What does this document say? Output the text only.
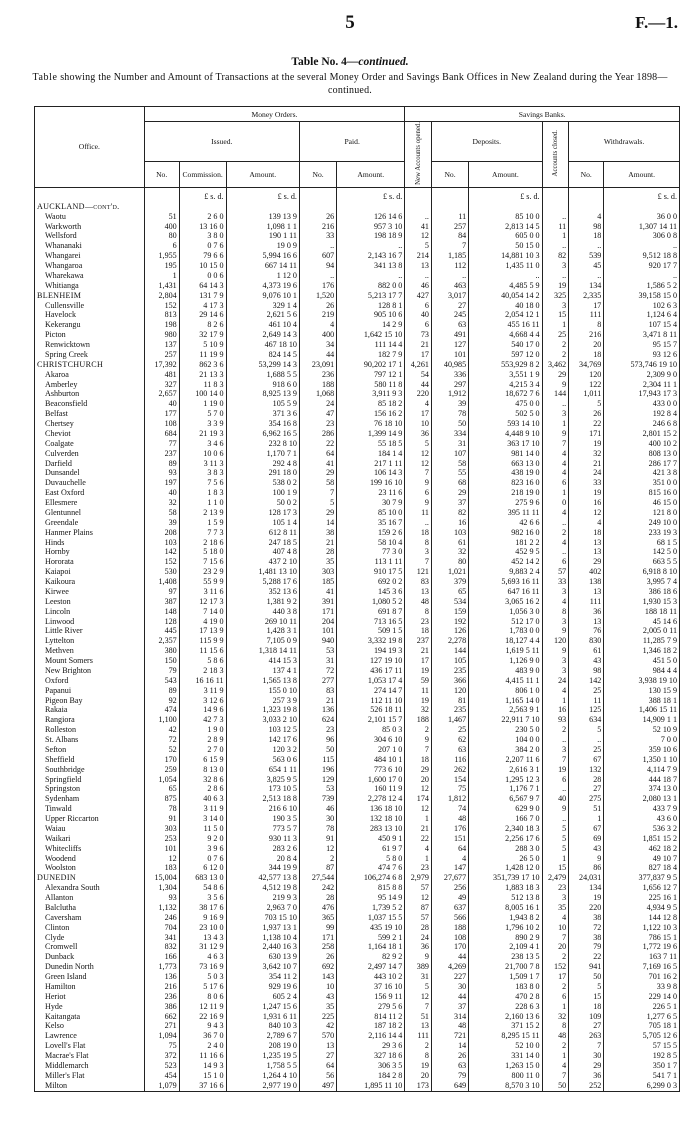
5	F.—1.
Table No. 4—continued.
Table showing the Number and Amount of Transactions at the several Money Order and Savings Bank Offices in New Zealand during the Year 1898—continued.
Office.	Money Orders.					Savings Banks.					
	Issued.			Paid.		New Accounts opened.	Deposits.		Accounts closed.	Withdrawals.	
	No.	Commission.	Amount.	No.	Amount.		No.	Amount.		No.	Amount.
		£ s. d.	£ s. d.		£ s. d.			£ s. d.			£ s. d.
AUCKLAND—cont'd.											
Waotu	51	2 6 0	139 13 9	26	126 14 6	..	11	85 10 0	..	4	36 0 0
Warkworth	400	13 16 0	1,098 1 1	216	957 3 10	41	257	2,813 14 5	11	98	1,307 14 11
Wellsford	80	3 8 0	190 1 11	33	198 18 9	12	84	605 0 0	1	18	306 0 8
Whananaki	6	0 7 6	19 0 9	..	..	5	7	50 15 0	..	..	..
Whangarei	1,955	79 6 6	5,994 16 6	607	2,143 16 7	214	1,185	14,881 10 3	82	539	9,512 18 8
Whangaroa	195	10 15 0	667 14 11	94	341 13 8	13	112	1,435 11 0	3	45	920 17 7
Wharekawa	1	0 0 6	1 12 0	..	..	..	..	..	..	..	..
Whitianga	1,431	64 14 3	4,373 19 6	176	882 0 0	46	463	4,485 5 9	19	134	1,586 5 2
BLENHEIM	2,804	131 7 9	9,076 10 1	1,520	5,213 17 7	427	3,017	40,054 14 2	325	2,335	39,158 15 0
Cullensville	152	4 17 3	329 1 4	26	128 8 1	6	27	40 18 0	3	17	102 6 3
Havelock	813	29 14 6	2,621 5 6	219	905 10 6	40	245	2,054 12 1	15	111	1,124 6 4
Kekerangu	198	8 2 6	461 10 4	4	14 2 9	6	63	455 16 11	1	8	107 15 4
Picton	980	32 17 9	2,649 14 3	400	1,642 15 10	73	491	4,668 4 4	25	216	3,471 8 11
Renwicktown	137	5 10 9	467 18 10	34	111 14 4	21	127	540 17 0	2	20	95 15 7
Spring Creek	257	11 19 9	824 14 5	44	182 7 9	17	101	597 12 0	2	18	93 12 6
CHRISTCHURCH	17,392	862 3 6	53,299 14 3	23,091	90,202 17 1	4,261	40,985	553,929 8 2	3,462	34,769	573,746 19 10
Akaroa	481	21 13 3	1,688 5 5	236	797 12 1	54	336	3,551 1 9	29	120	2,309 9 0
Amberley	327	11 8 3	918 6 0	188	580 11 8	44	297	4,215 3 4	9	122	2,304 11 1
Ashburton	2,657	100 14 0	8,925 13 9	1,068	3,911 9 3	220	1,912	18,672 7 6	144	1,011	17,943 17 3
Beaconsfield	40	1 19 0	105 5 9	24	85 18 2	4	39	475 0 0	..	5	433 0 0
Belfast	177	5 7 0	371 3 6	47	156 16 2	17	78	502 5 0	3	26	192 8 4
Chertsey	108	3 3 9	354 16 8	23	76 18 10	10	50	593 14 10	1	22	246 6 8
Cheviot	684	21 19 3	6,962 16 5	286	1,399 14 9	36	334	4,448 9 10	9	171	2,801 15 2
Coalgate	77	3 4 6	232 8 10	22	55 18 5	5	31	363 17 10	7	19	400 10 2
Culverden	237	10 0 6	1,170 7 1	64	184 1 4	12	107	981 14 0	4	32	808 13 0
Darfield	89	3 11 3	292 4 8	41	217 1 11	12	58	663 13 0	4	21	286 17 7
Dunsandel	93	3 8 3	291 18 0	29	106 14 3	7	55	438 19 0	4	24	421 3 8
Duvauchelle	197	7 5 6	538 0 2	58	199 16 10	9	68	823 16 0	6	33	351 0 0
East Oxford	40	1 8 3	100 1 9	7	23 11 6	6	29	218 19 0	1	19	815 16 0
Ellesmere	32	1 1 0	50 0 2	5	30 7 9	9	37	275 9 6	0	16	46 15 0
Glentunnel	58	2 13 9	128 17 3	29	85 10 0	11	82	395 11 11	4	12	121 8 0
Greendale	39	1 5 9	105 1 4	14	35 16 7	..	16	42 6 6	..	4	249 10 0
Hanmer Plains	208	7 7 3	612 8 11	38	159 2 6	18	103	982 16 0	2	18	233 19 3
Hinds	103	2 18 6	247 18 5	21	58 10 4	8	61	181 2 2	4	13	68 1 5
Hornby	142	5 18 0	407 4 8	28	77 3 0	3	32	452 9 5	..	13	142 5 0
Hororata	152	7 15 6	437 2 10	35	113 1 11	7	80	452 14 2	6	29	663 5 5
Kaiapoi	530	23 2 9	1,481 13 10	303	910 17 5	121	1,021	9,883 2 4	57	402	6,918 8 10
Kaikoura	1,408	55 9 9	5,288 17 6	185	692 0 2	83	379	5,693 16 11	33	138	3,995 7 4
Kirwee	97	3 11 6	352 13 6	41	145 3 6	13	65	647 16 11	3	13	386 18 6
Leeston	387	12 17 3	1,381 9 2	391	1,080 5 2	48	534	3,065 16 2	4	111	1,930 15 3
Lincoln	148	7 14 0	440 3 8	171	691 8 7	8	159	1,056 3 0	8	36	188 18 11
Linwood	128	4 19 0	269 10 11	204	713 16 5	23	192	512 17 0	3	13	45 14 6
Little River	445	17 13 9	1,428 3 1	101	509 1 5	18	126	1,783 0 0	9	76	2,005 0 11
Lyttelton	2,357	115 9 9	7,105 0 9	940	3,332 19 8	237	2,278	18,127 4 4	120	830	11,285 7 9
Methven	380	11 15 6	1,318 14 11	53	194 19 3	21	144	1,619 5 11	9	61	1,346 18 2
Mount Somers	150	5 8 6	414 15 3	31	127 19 10	17	105	1,126 9 0	3	43	451 5 0
New Brighton	79	2 18 3	137 4 1	72	436 17 11	19	235	483 9 0	3	98	984 4 4
Oxford	543	16 16 11	1,565 13 8	277	1,053 17 4	59	366	4,415 11 1	24	142	3,938 19 10
Papanui	89	3 11 9	155 0 10	83	274 14 7	11	120	806 1 0	4	25	130 15 9
Pigeon Bay	92	3 12 6	257 3 9	21	112 11 10	19	81	1,165 14 0	1	11	388 18 1
Rakaia	474	14 9 6	1,323 19 8	136	526 18 11	32	235	2,563 9 1	16	125	1,406 15 11
Rangiora	1,100	42 7 3	3,033 2 10	624	2,101 15 7	188	1,467	22,911 7 10	93	634	14,909 1 1
Rolleston	42	1 9 0	103 12 5	23	85 0 3	2	25	230 5 0	2	5	52 10 9
St. Albans	72	2 8 9	142 17 6	96	304 6 10	9	62	104 0 0	..	..	7 0 0
Sefton	52	2 7 0	120 3 2	50	207 1 0	7	63	384 2 0	3	25	359 10 6
Sheffield	170	6 15 9	563 0 6	115	484 10 1	18	116	2,207 11 6	7	67	1,350 1 10
Southbridge	259	8 13 0	654 1 11	196	773 6 10	29	262	2,616 3 1	19	132	4,114 7 9
Springfield	1,054	32 8 6	3,825 9 5	129	1,600 17 0	20	154	1,295 12 3	6	28	444 18 7
Springston	65	2 8 6	173 10 5	53	160 11 9	12	75	1,176 7 1	..	27	374 13 0
Sydenham	875	40 6 3	2,513 18 8	739	2,278 12 4	174	1,812	6,567 9 7	40	275	2,080 13 1
Tinwald	78	3 11 9	216 6 10	46	136 18 10	12	74	629 9 0	9	51	433 7 9
Upper Riccarton	91	3 14 0	190 3 5	30	132 18 10	1	48	166 7 0	..	1	43 6 0
Waiau	303	11 5 0	773 5 7	78	283 13 10	21	176	2,340 18 3	5	67	536 3 2
Waikari	253	9 2 0	930 11 3	91	450 9 1	22	151	2,256 17 6	5	69	1,851 15 2
Whitecliffs	101	3 9 6	283 2 6	12	61 9 7	4	64	288 3 0	5	43	462 18 2
Woodend	12	0 7 6	20 8 4	2	5 8 0	1	4	26 5 0	1	9	49 10 7
Woolston	183	6 12 0	344 19 9	87	474 7 6	23	147	1,428 12 0	15	86	827 18 4
DUNEDIN	15,004	683 13 0	42,577 13 8	27,544	106,274 6 8	2,979	27,677	351,739 17 10	2,479	24,031	377,837 9 5
Alexandra South	1,304	54 8 6	4,512 19 8	242	815 8 8	57	256	1,883 18 3	23	134	1,656 12 7
Allanton	93	3 5 6	219 9 3	28	95 14 9	12	49	512 13 8	3	19	225 16 1
Balclutha	1,132	38 17 6	2,963 7 0	476	1,739 5 2	87	637	8,005 16 1	35	220	4,934 9 5
Caversham	246	9 16 9	703 15 10	365	1,037 15 5	57	566	1,943 8 2	4	38	144 12 8
Clinton	704	23 10 0	1,937 13 1	99	435 19 10	28	188	1,796 10 2	10	72	1,122 10 3
Clyde	341	13 4 3	1,138 10 4	171	599 2 1	24	108	890 2 9	7	38	786 15 1
Cromwell	832	31 12 9	2,440 16 3	258	1,164 18 1	36	170	2,109 4 1	20	79	1,772 19 6
Dunback	166	4 6 3	630 13 9	26	82 9 2	9	44	238 13 5	2	22	163 7 11
Dunedin North	1,773	73 16 9	3,642 10 7	692	2,497 14 7	389	4,269	21,700 7 8	152	941	7,169 16 5
Green Island	136	5 0 3	354 11 2	143	443 10 2	31	227	1,509 1 7	17	50	701 16 2
Hamilton	216	5 17 6	929 19 6	10	37 16 10	5	30	183 8 0	2	5	33 9 8
Heriot	236	8 0 6	605 2 4	43	156 9 11	12	44	470 2 8	6	15	229 14 0
Hyde	386	12 11 9	1,247 15 6	35	279 5 6	7	37	228 6 3	1	18	226 5 1
Kaitangata	662	22 16 9	1,931 6 11	225	814 11 2	51	314	2,160 13 6	32	109	1,277 6 5
Kelso	271	9 4 3	840 10 3	42	187 18 2	13	48	371 15 2	8	27	705 18 1
Lawrence	1,094	36 7 0	2,789 6 7	570	2,116 14 4	111	721	8,295 15 11	48	263	5,705 12 6
Lovell's Flat	75	2 4 0	208 19 0	13	29 3 6	2	14	52 10 0	2	7	57 15 5
Macrae's Flat	372	11 16 6	1,235 19 5	27	327 18 6	8	26	331 14 0	1	30	192 8 5
Middlemarch	523	14 9 3	1,758 5 5	64	306 3 5	19	63	1,263 15 0	4	29	350 1 7
Miller's Flat	454	15 1 0	1,264 4 10	56	184 2 8	20	79	800 11 0	7	36	541 7 1
Milton	1,079	37 16 6	2,977 19 0	497	1,895 11 10	173	649	8,570 3 10	50	252	6,299 0 3
